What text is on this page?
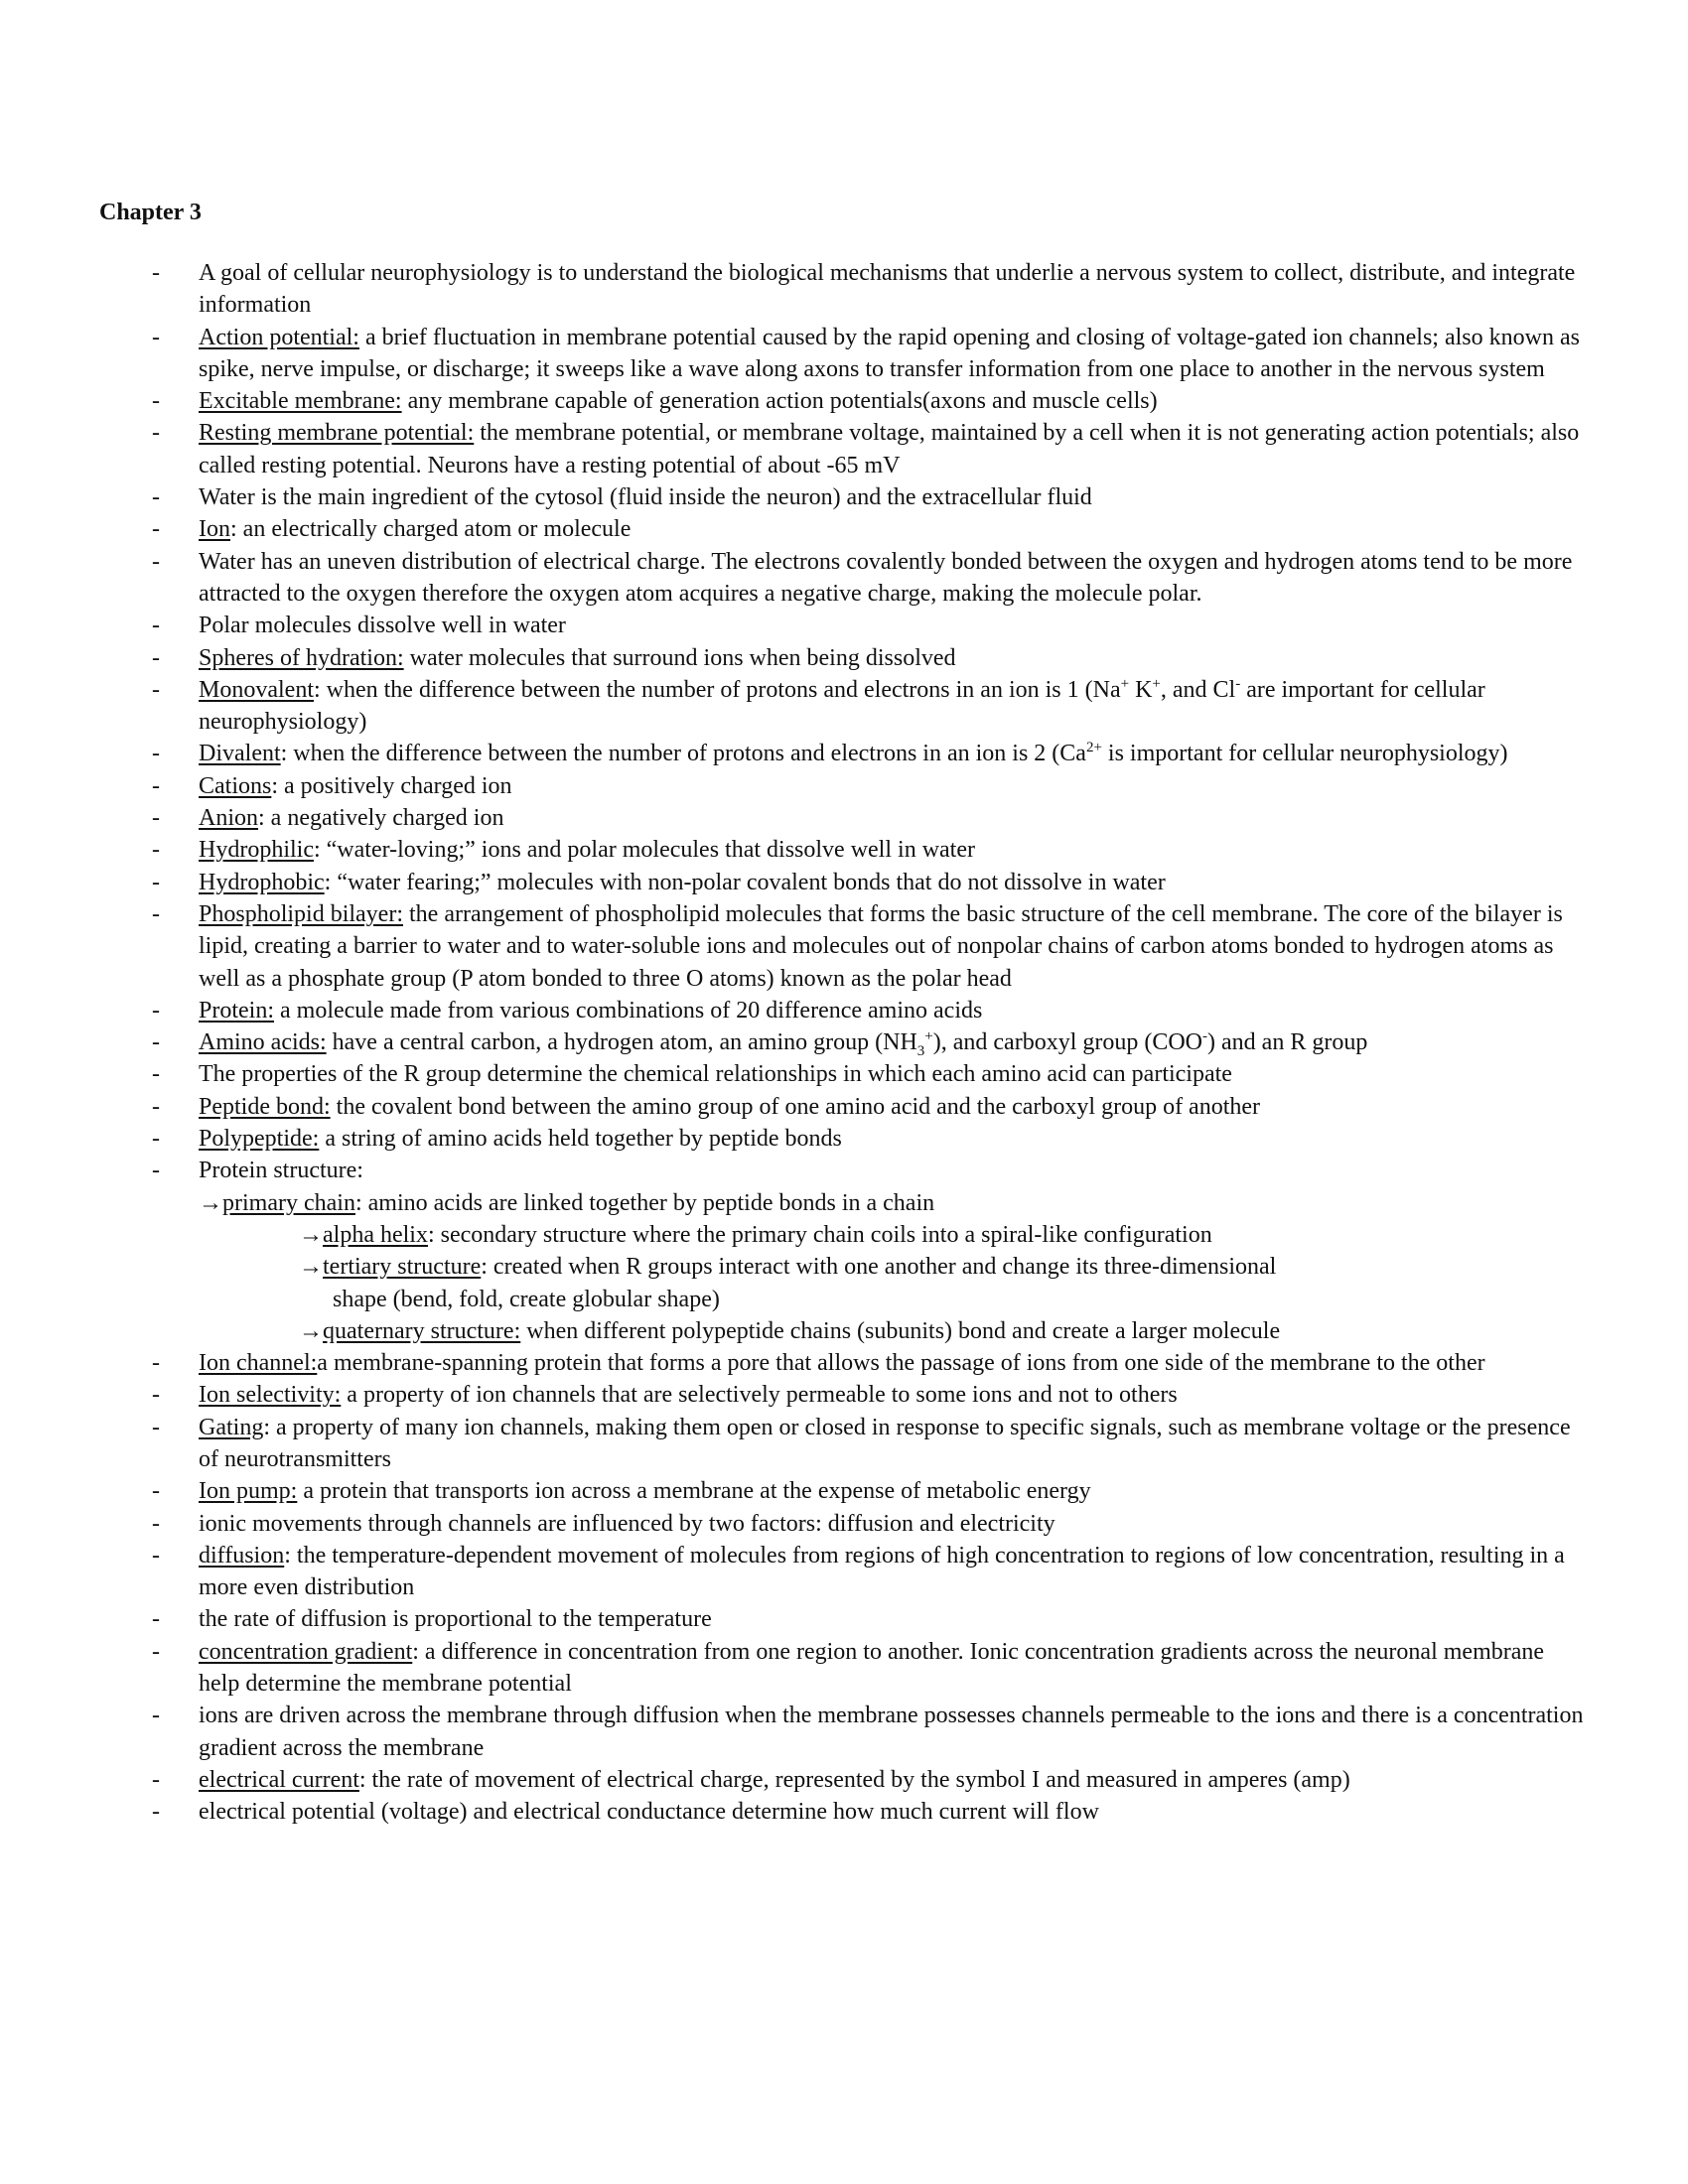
Chapter 3
- A goal of cellular neurophysiology is to understand the biological mechanisms that underlie a nervous system to collect, distribute, and integrate information
- Action potential: a brief fluctuation in membrane potential caused by the rapid opening and closing of voltage-gated ion channels; also known as spike, nerve impulse, or discharge; it sweeps like a wave along axons to transfer information from one place to another in the nervous system
- Excitable membrane: any membrane capable of generation action potentials(axons and muscle cells)
- Resting membrane potential: the membrane potential, or membrane voltage, maintained by a cell when it is not generating action potentials; also called resting potential. Neurons have a resting potential of about -65 mV
- Water is the main ingredient of the cytosol (fluid inside the neuron) and the extracellular fluid
- Ion: an electrically charged atom or molecule
- Water has an uneven distribution of electrical charge. The electrons covalently bonded between the oxygen and hydrogen atoms tend to be more attracted to the oxygen therefore the oxygen atom acquires a negative charge, making the molecule polar.
- Polar molecules dissolve well in water
- Spheres of hydration: water molecules that surround ions when being dissolved
- Monovalent: when the difference between the number of protons and electrons in an ion is 1 (Na+ K+, and Cl- are important for cellular neurophysiology)
- Divalent: when the difference between the number of protons and electrons in an ion is 2 ($Ca^{2+}$ is important for cellular neurophysiology)
- Cations: a positively charged ion
- Anion: a negatively charged ion
- Hydrophilic: “water-loving;” ions and polar molecules that dissolve well in water
- Hydrophobic: “water fearing;” molecules with non-polar covalent bonds that do not dissolve in water
- Phospholipid bilayer: the arrangement of phospholipid molecules that forms the basic structure of the cell membrane. The core of the bilayer is lipid, creating a barrier to water and to water-soluble ions and molecules out of nonpolar chains of carbon atoms bonded to hydrogen atoms as well as a phosphate group (P atom bonded to three O atoms) known as the polar head
- Protein: a molecule made from various combinations of 20 difference amino acids
- Amino acids: have a central carbon, a hydrogen atom, an amino group $(NH_3^+)$, and carboxyl group (COO-) and an R group
- The properties of the R group determine the chemical relationships in which each amino acid can participate
- Peptide bond: the covalent bond between the amino group of one amino acid and the carboxyl group of another
- Polypeptide: a string of amino acids held together by peptide bonds
- Protein structure:
→primary chain: amino acids are linked together by peptide bonds in a chain
→alpha helix: secondary structure where the primary chain coils into a spiral-like configuration
→tertiary structure: created when R groups interact with one another and change its three-dimensional
shape (bend, fold, create globular shape)
→quaternary structure: when different polypeptide chains (subunits) bond and create a larger molecule
- Ion channel:a membrane-spanning protein that forms a pore that allows the passage of ions from one side of the membrane to the other
- Ion selectivity: a property of ion channels that are selectively permeable to some ions and not to others
- Gating: a property of many ion channels, making them open or closed in response to specific signals, such as membrane voltage or the presence of neurotransmitters
- Ion pump: a protein that transports ion across a membrane at the expense of metabolic energy
- ionic movements through channels are influenced by two factors: diffusion and electricity
- diffusion: the temperature-dependent movement of molecules from regions of high concentration to regions of low concentration, resulting in a more even distribution
- the rate of diffusion is proportional to the temperature
- concentration gradient: a difference in concentration from one region to another. Ionic concentration gradients across the neuronal membrane help determine the membrane potential
- ions are driven across the membrane through diffusion when the membrane possesses channels permeable to the ions and there is a concentration gradient across the membrane
- electrical current: the rate of movement of electrical charge, represented by the symbol I and measured in amperes (amp)
- electrical potential (voltage) and electrical conductance determine how much current will flow
